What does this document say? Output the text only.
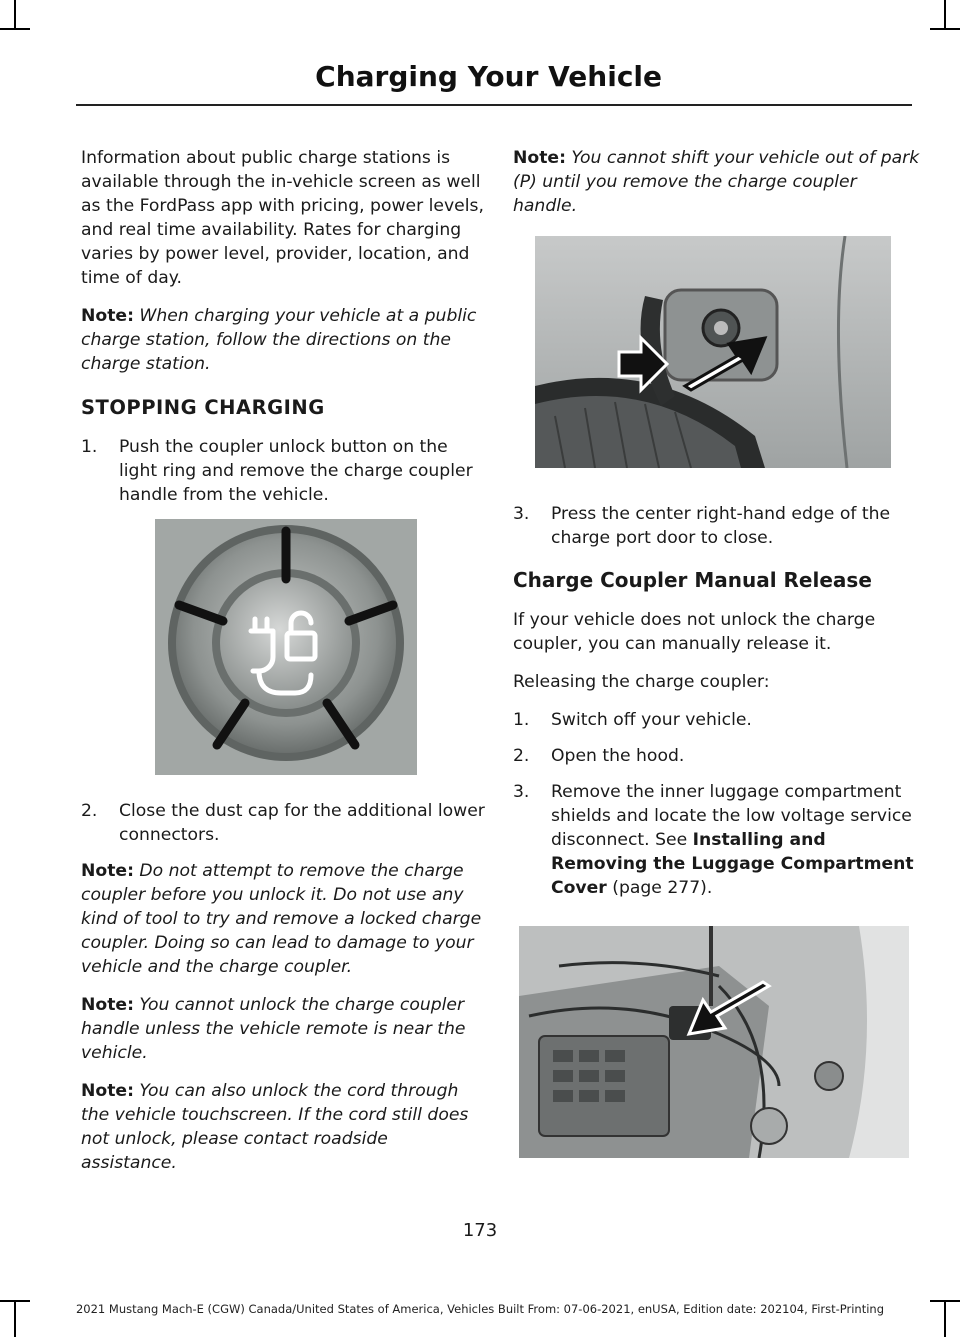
Charging Your Vehicle

Information about public charge stations is available through the in-vehicle screen as well as the FordPass app with pricing, power levels, and real time availability. Rates for charging varies by power level, provider, location, and time of day.

Note: When charging your vehicle at a public charge station, follow the directions on the charge station.

STOPPING CHARGING
1.	Push the coupler unlock button on the light ring and remove the charge coupler handle from the vehicle.
2.	Close the dust cap for the additional lower connectors.

Note: Do not attempt to remove the charge coupler before you unlock it. Do not use any kind of tool to try and remove a locked charge coupler. Doing so can lead to damage to your vehicle and the charge coupler.

Note: You cannot unlock the charge coupler handle unless the vehicle remote is near the vehicle.

Note: You can also unlock the cord through the vehicle touchscreen. If the cord still does not unlock, please contact roadside assistance.

Note: You cannot shift your vehicle out of park (P) until you remove the charge coupler handle.

3.	Press the center right-hand edge of the charge port door to close.
Charge Coupler Manual Release

If your vehicle does not unlock the charge coupler, you can manually release it.

Releasing the charge coupler:

1.	Switch off your vehicle.
2.	Open the hood.
3.	Remove the inner luggage compartment shields and locate the low voltage service disconnect. See Installing and Removing the Luggage Compartment Cover (page 277).
173
2021 Mustang Mach-E (CGW) Canada/United States of America, Vehicles Built From: 07-06-2021, enUSA, Edition date: 202104, First-Printing
